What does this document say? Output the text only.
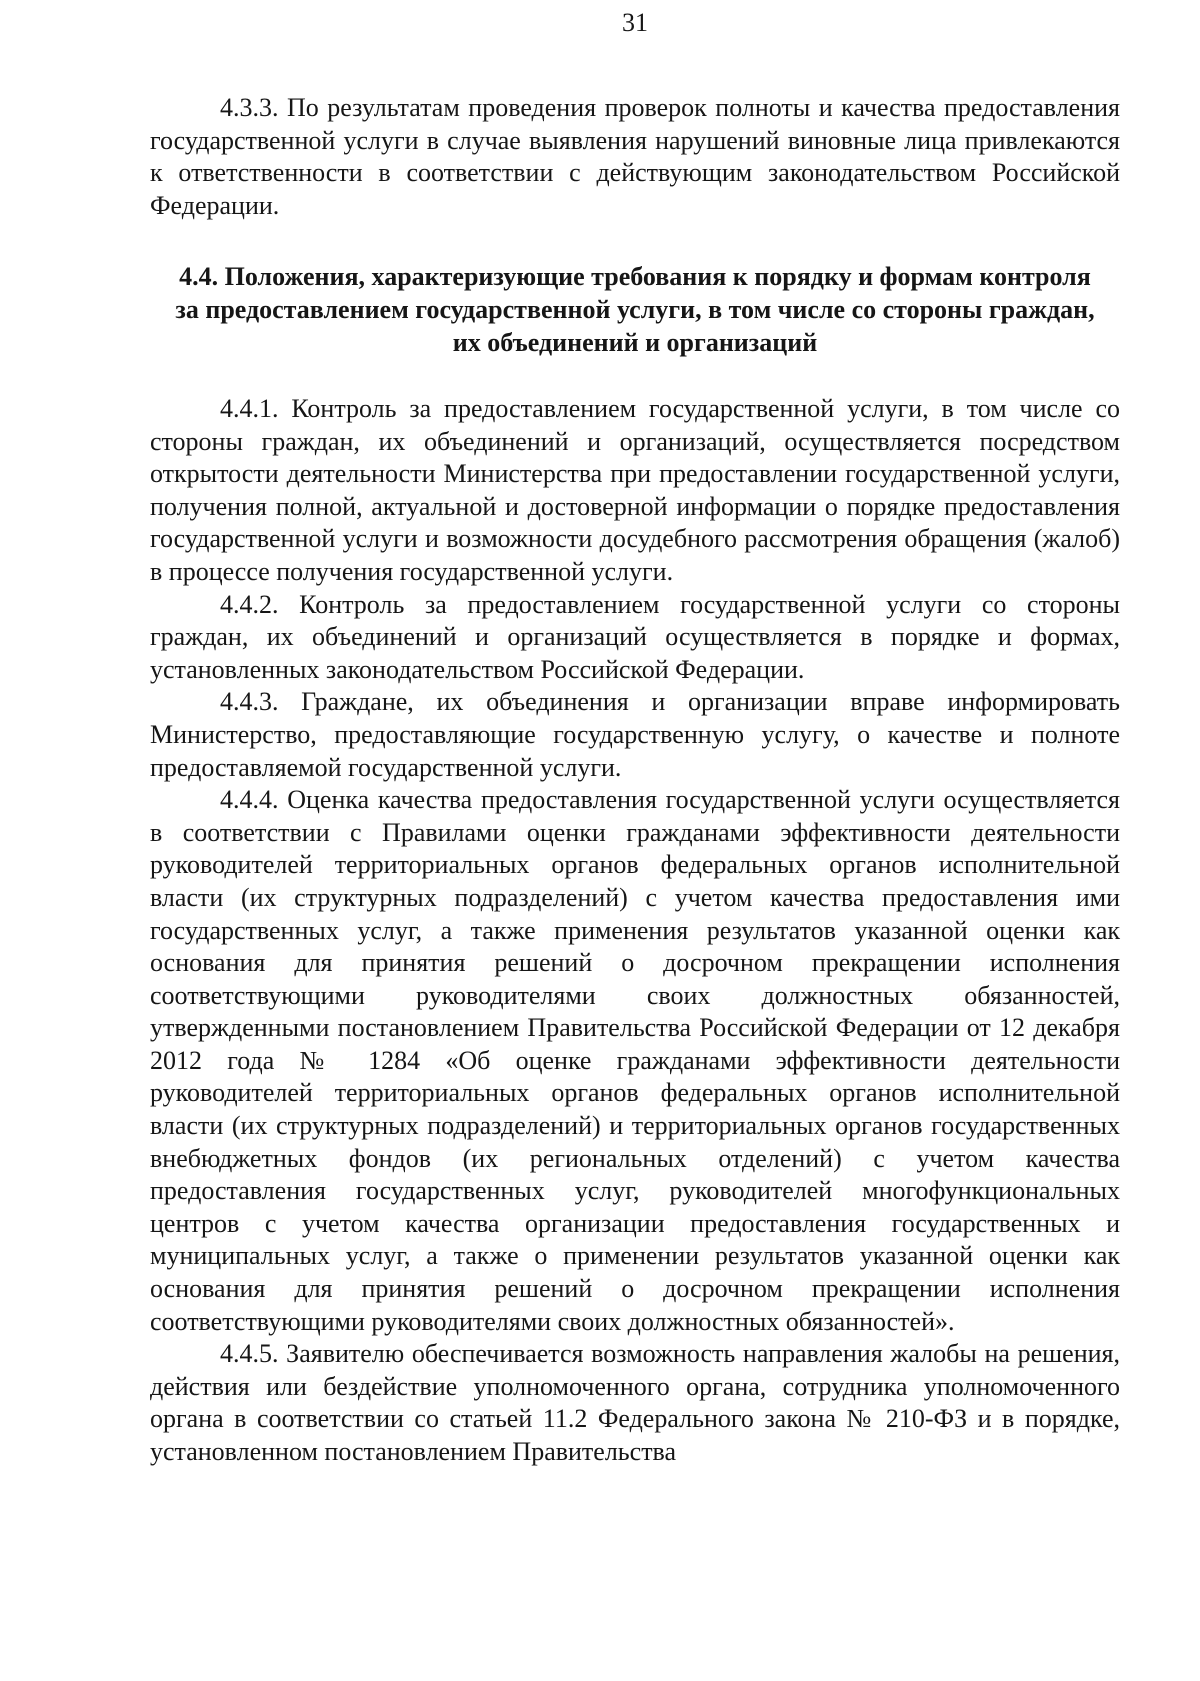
31

4.3.3. По результатам проведения проверок полноты и качества предоставления государственной услуги в случае выявления нарушений виновные лица привлекаются к ответственности в соответствии с действующим законодательством Российской Федерации.

4.4. Положения, характеризующие требования к порядку и формам контроля за предоставлением государственной услуги, в том числе со стороны граждан, их объединений и организаций

4.4.1. Контроль за предоставлением государственной услуги, в том числе со стороны граждан, их объединений и организаций, осуществляется посредством открытости деятельности Министерства при предоставлении государственной услуги, получения полной, актуальной и достоверной информации о порядке предоставления государственной услуги и возможности досудебного рассмотрения обращения (жалоб) в процессе получения государственной услуги.

4.4.2. Контроль за предоставлением государственной услуги со стороны граждан, их объединений и организаций осуществляется в порядке и формах, установленных законодательством Российской Федерации.

4.4.3. Граждане, их объединения и организации вправе информировать Министерство, предоставляющие государственную услугу, о качестве и полноте предоставляемой государственной услуги.

4.4.4. Оценка качества предоставления государственной услуги осуществляется в соответствии с Правилами оценки гражданами эффективности деятельности руководителей территориальных органов федеральных органов исполнительной власти (их структурных подразделений) с учетом качества предоставления ими государственных услуг, а также применения результатов указанной оценки как основания для принятия решений о досрочном прекращении исполнения соответствующими руководителями своих должностных обязанностей, утвержденными постановлением Правительства Российской Федерации от 12 декабря 2012 года № 1284 «Об оценке гражданами эффективности деятельности руководителей территориальных органов федеральных органов исполнительной власти (их структурных подразделений) и территориальных органов государственных внебюджетных фондов (их региональных отделений) с учетом качества предоставления государственных услуг, руководителей многофункциональных центров с учетом качества организации предоставления государственных и муниципальных услуг, а также о применении результатов указанной оценки как основания для принятия решений о досрочном прекращении исполнения соответствующими руководителями своих должностных обязанностей».

4.4.5. Заявителю обеспечивается возможность направления жалобы на решения, действия или бездействие уполномоченного органа, сотрудника уполномоченного органа в соответствии со статьей 11.2 Федерального закона № 210-ФЗ и в порядке, установленном постановлением Правительства
